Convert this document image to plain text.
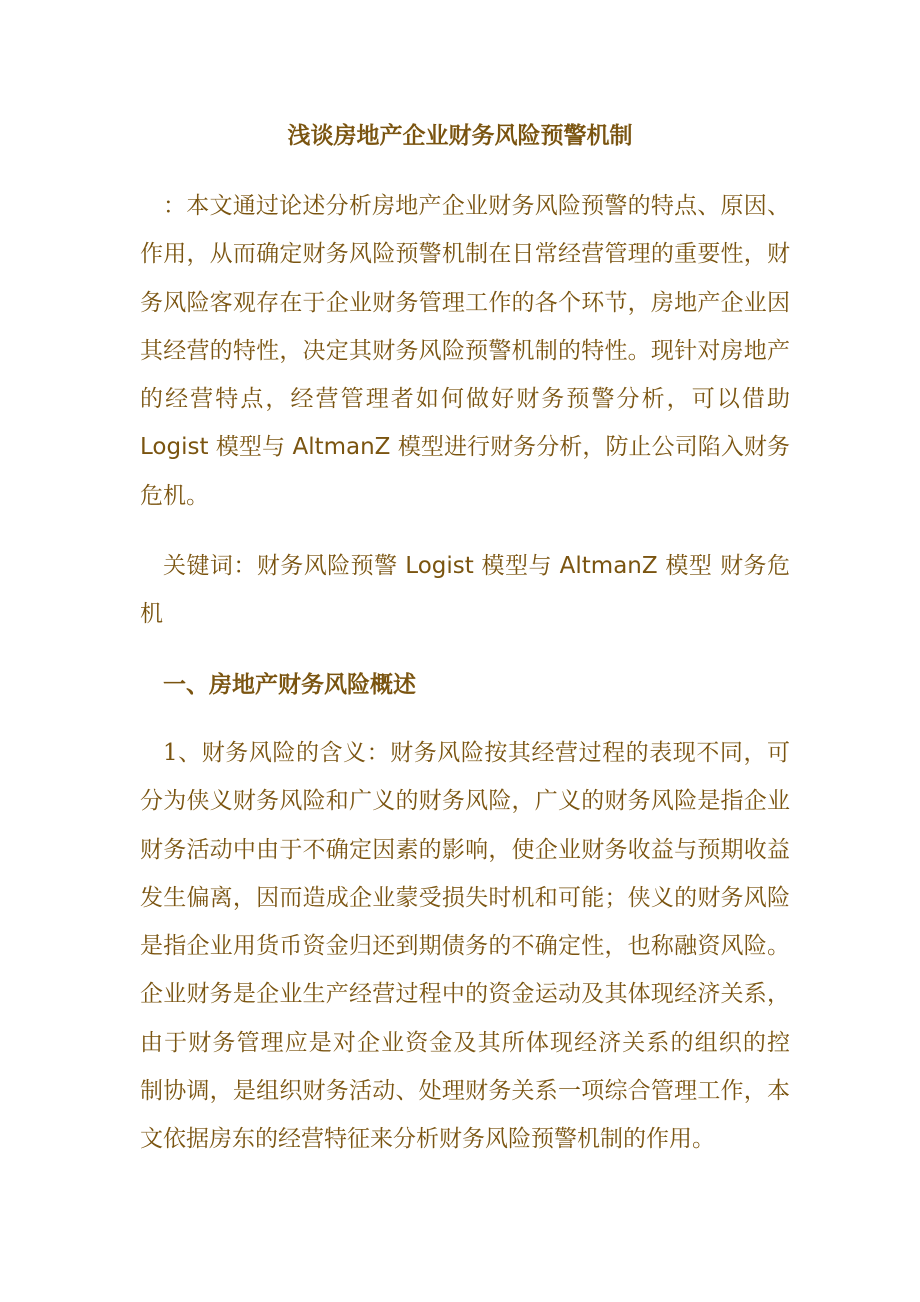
浅谈房地产企业财务风险预警机制
：本文通过论述分析房地产企业财务风险预警的特点、原因、
作用，从而确定财务风险预警机制在日常经营管理的重要性，财
务风险客观存在于企业财务管理工作的各个环节，房地产企业因
其经营的特性，决定其财务风险预警机制的特性。现针对房地产
的经营特点，经营管理者如何做好财务预警分析，可以借助
Logist 模型与 AltmanZ 模型进行财务分析，防止公司陷入财务
危机。
关键词：财务风险预警 Logist 模型与 AltmanZ 模型 财务危
机
一、房地产财务风险概述
1、财务风险的含义：财务风险按其经营过程的表现不同，可
分为侠义财务风险和广义的财务风险，广义的财务风险是指企业
财务活动中由于不确定因素的影响，使企业财务收益与预期收益
发生偏离，因而造成企业蒙受损失时机和可能；侠义的财务风险
是指企业用货币资金归还到期债务的不确定性，也称融资风险。
企业财务是企业生产经营过程中的资金运动及其体现经济关系，
由于财务管理应是对企业资金及其所体现经济关系的组织的控
制协调，是组织财务活动、处理财务关系一项综合管理工作，本
文依据房东的经营特征来分析财务风险预警机制的作用。
